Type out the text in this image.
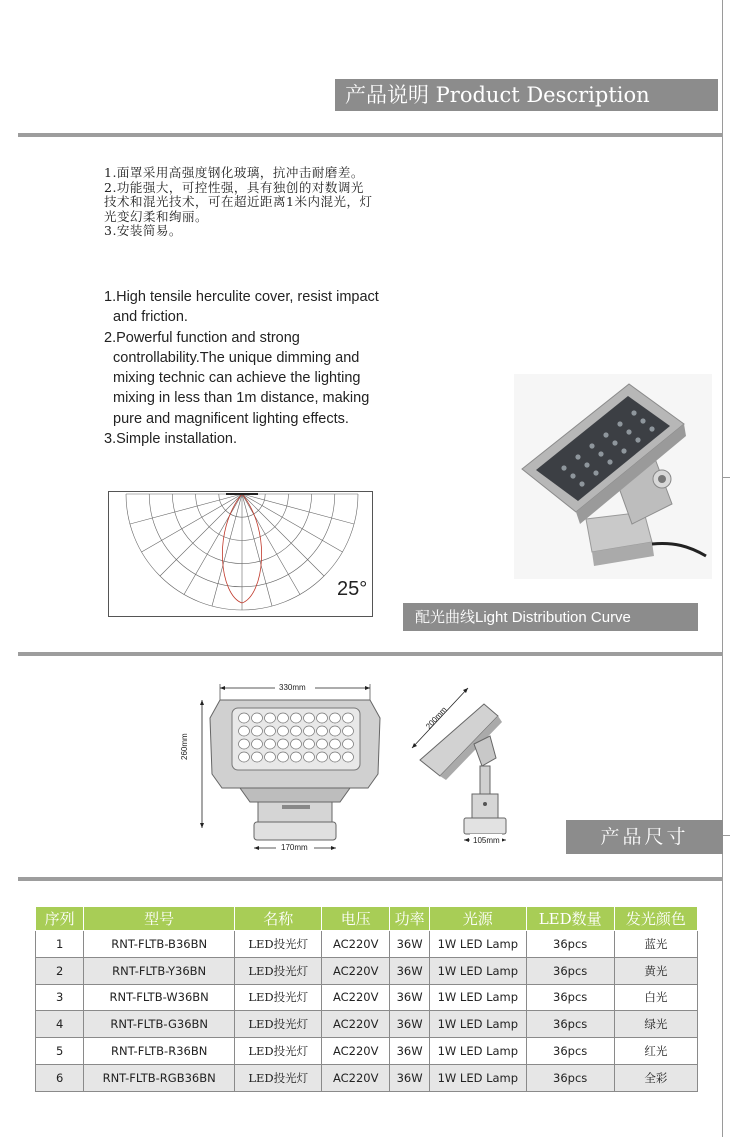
产品说明 Product Description
1.面罩采用高强度钢化玻璃，抗冲击耐磨差。
2.功能强大，可控性强，具有独创的对数调光
技术和混光技术，可在超近距离1米内混光，灯
光变幻柔和绚丽。
3.安装简易。
1.High tensile herculite cover, resist impact
and friction.
2.Powerful function and strong
controllability.The unique dimming and
mixing technic can achieve the lighting
mixing in less than 1m distance, making
pure and magnificent lighting effects.
3.Simple installation.
25°
配光曲线Light Distribution Curve
330mm
260mm
170mm
200mm
105mm	产品尺寸
序列	型号	名称	电压	功率	光源	LED数量	发光颜色
1	RNT-FLTB-B36BN	LED投光灯	AC220V	36W	1W LED Lamp	36pcs	蓝光
2	RNT-FLTB-Y36BN	LED投光灯	AC220V	36W	1W LED Lamp	36pcs	黄光
3	RNT-FLTB-W36BN	LED投光灯	AC220V	36W	1W LED Lamp	36pcs	白光
4	RNT-FLTB-G36BN	LED投光灯	AC220V	36W	1W LED Lamp	36pcs	绿光
5	RNT-FLTB-R36BN	LED投光灯	AC220V	36W	1W LED Lamp	36pcs	红光
6	RNT-FLTB-RGB36BN	LED投光灯	AC220V	36W	1W LED Lamp	36pcs	全彩
